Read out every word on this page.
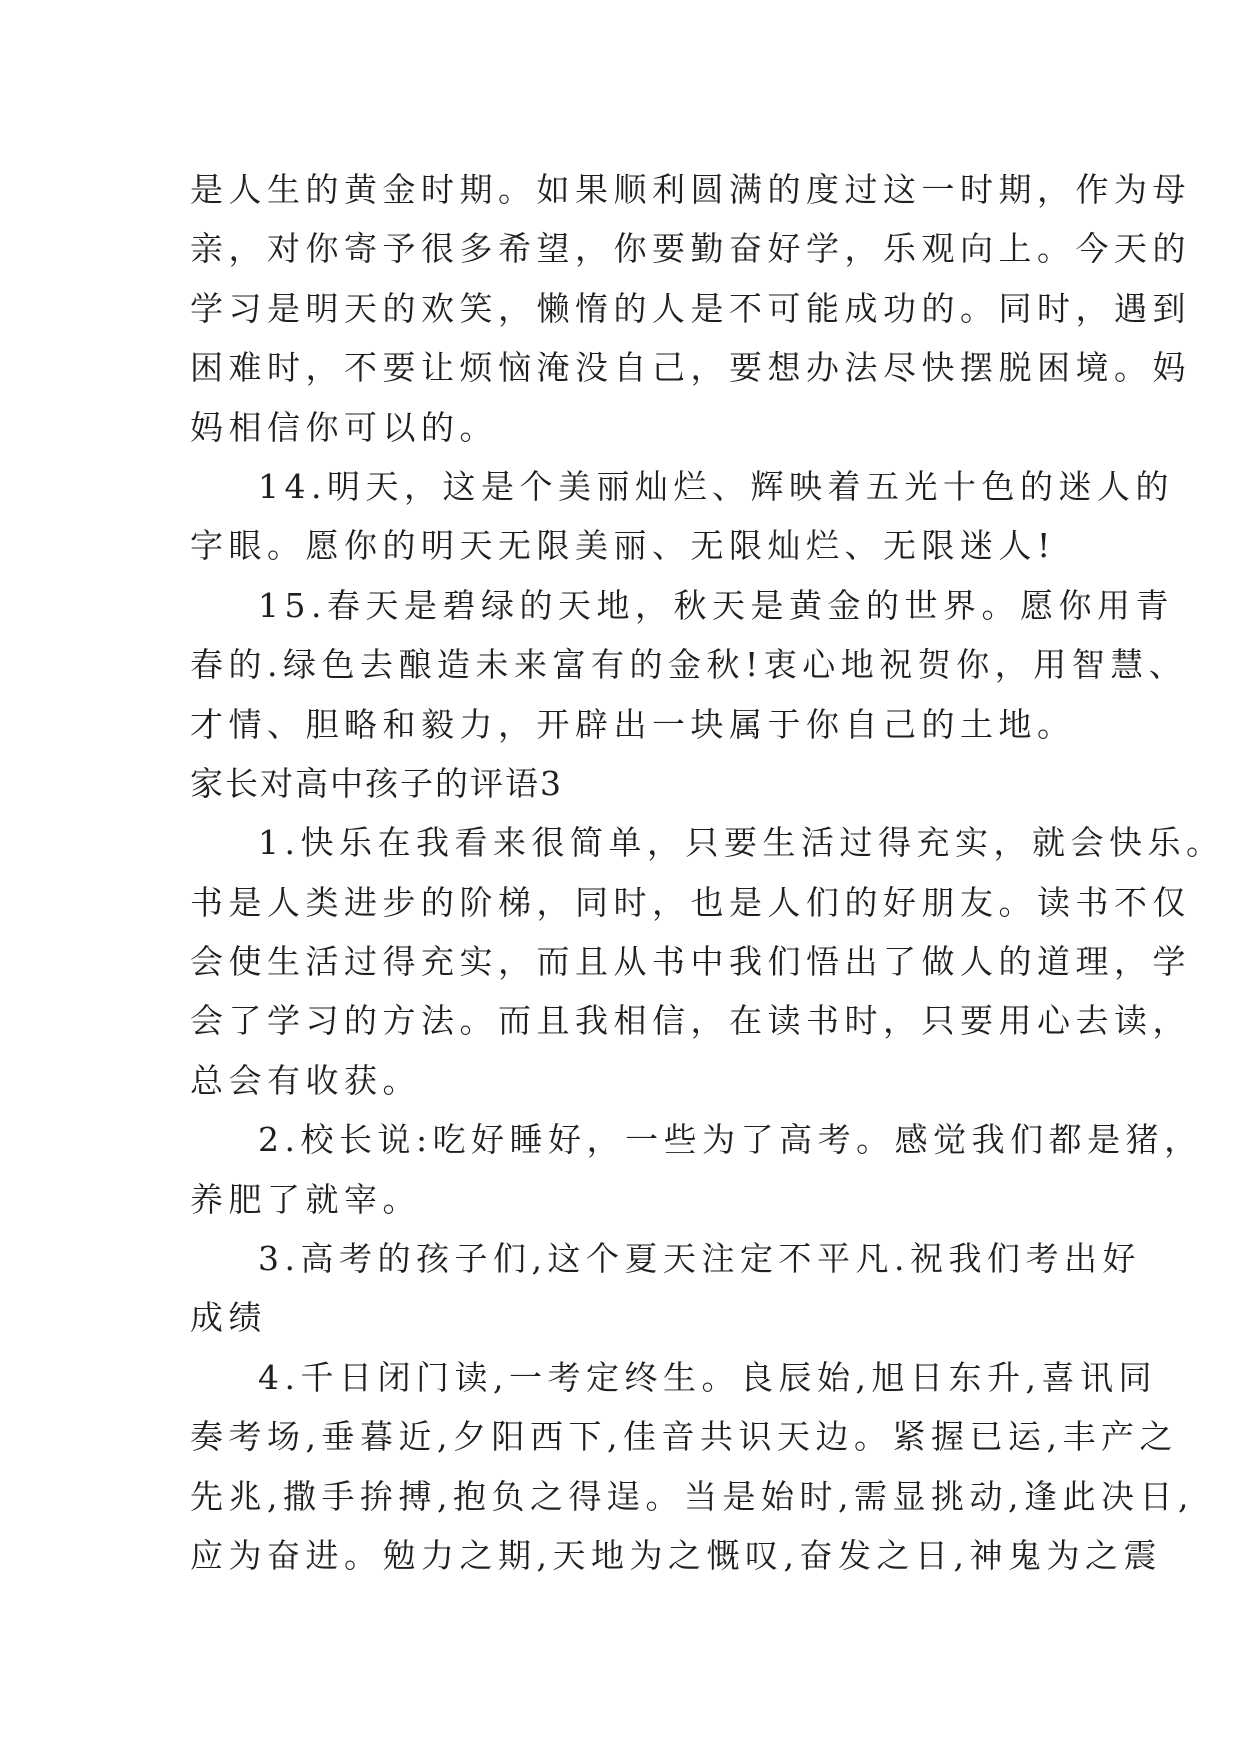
是人生的黄金时期。如果顺利圆满的度过这一时期，作为母
亲，对你寄予很多希望，你要勤奋好学，乐观向上。今天的
学习是明天的欢笑，懒惰的人是不可能成功的。同时，遇到
困难时，不要让烦恼淹没自己，要想办法尽快摆脱困境。妈
妈相信你可以的。
14.明天，这是个美丽灿烂、辉映着五光十色的迷人的
字眼。愿你的明天无限美丽、无限灿烂、无限迷人!
15.春天是碧绿的天地，秋天是黄金的世界。愿你用青
春的.绿色去酿造未来富有的金秋!衷心地祝贺你，用智慧、
才情、胆略和毅力，开辟出一块属于你自己的土地。
家长对高中孩子的评语3
1.快乐在我看来很简单，只要生活过得充实，就会快乐。
书是人类进步的阶梯，同时，也是人们的好朋友。读书不仅
会使生活过得充实，而且从书中我们悟出了做人的道理，学
会了学习的方法。而且我相信，在读书时，只要用心去读，
总会有收获。
2.校长说:吃好睡好，一些为了高考。感觉我们都是猪，
养肥了就宰。
3.高考的孩子们,这个夏天注定不平凡.祝我们考出好
成绩
4.千日闭门读,一考定终生。良辰始,旭日东升,喜讯同
奏考场,垂暮近,夕阳西下,佳音共识天边。紧握已运,丰产之
先兆,撒手拚搏,抱负之得逞。当是始时,需显挑动,逢此决日,
应为奋进。勉力之期,天地为之慨叹,奋发之日,神鬼为之震
